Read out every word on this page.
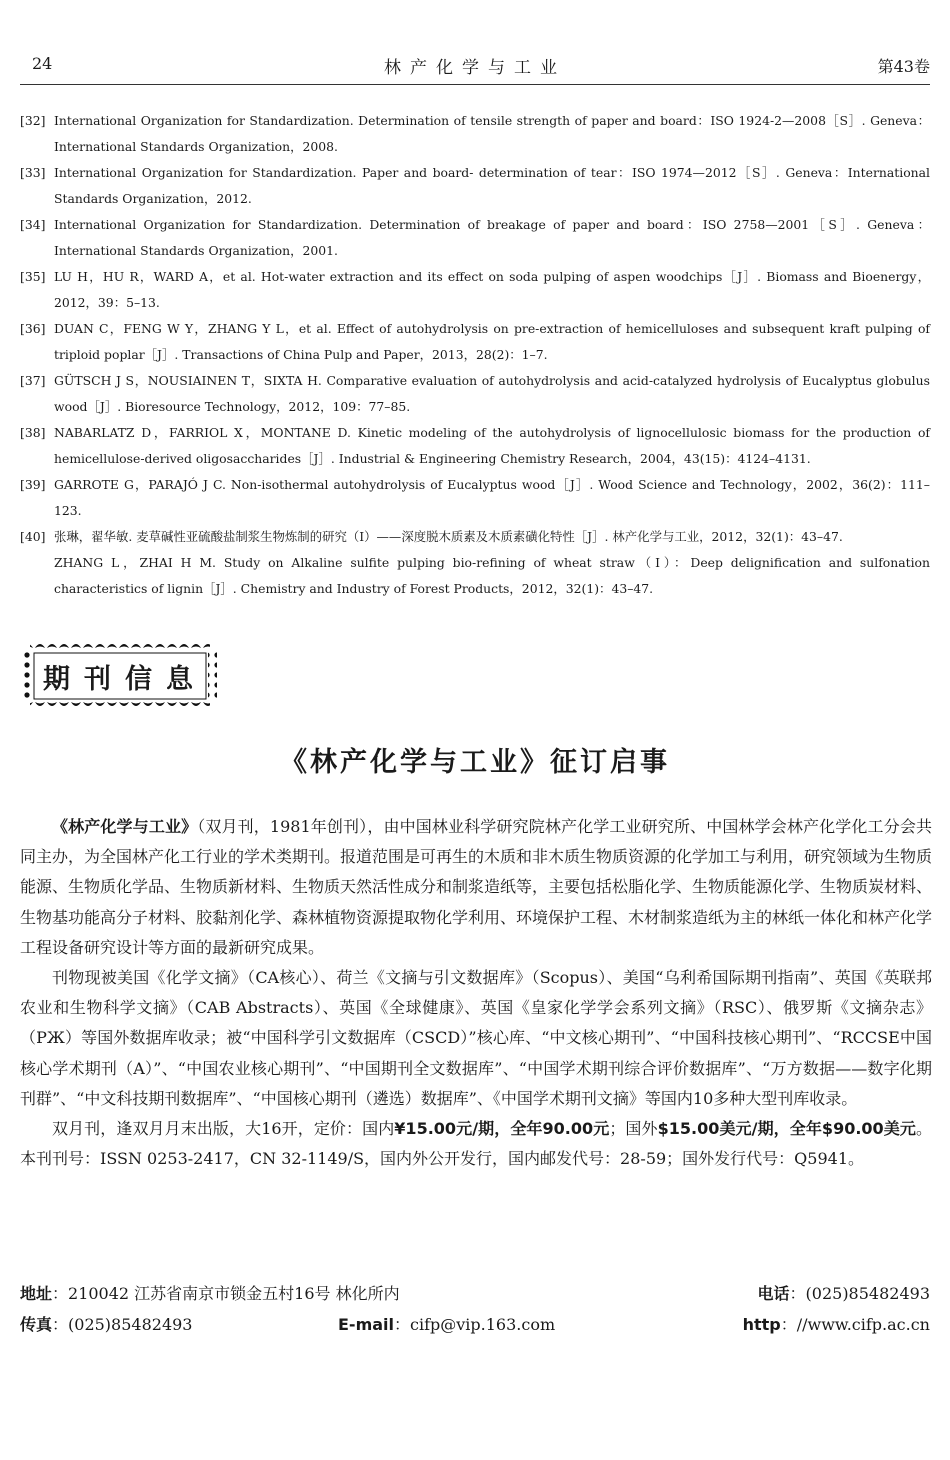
24	林产化学与工业	第43卷
[32] International Organization for Standardization. Determination of tensile strength of paper and board：ISO 1924-2—2008［S］. Geneva：International Standards Organization，2008.
[33] International Organization for Standardization. Paper and board- determination of tear：ISO 1974—2012［S］. Geneva：International Standards Organization，2012.
[34] International Organization for Standardization. Determination of breakage of paper and board：ISO 2758—2001［S］. Geneva：International Standards Organization，2001.
[35] LU H，HU R，WARD A，et al. Hot-water extraction and its effect on soda pulping of aspen woodchips［J］. Biomass and Bioenergy，2012，39：5–13.
[36] DUAN C，FENG W Y，ZHANG Y L，et al. Effect of autohydrolysis on pre-extraction of hemicelluloses and subsequent kraft pulping of triploid poplar［J］. Transactions of China Pulp and Paper，2013，28(2)：1–7.
[37] GÜTSCH J S，NOUSIAINEN T，SIXTA H. Comparative evaluation of autohydrolysis and acid-catalyzed hydrolysis of Eucalyptus globulus wood［J］. Bioresource Technology，2012，109：77–85.
[38] NABARLATZ D，FARRIOL X，MONTANE D. Kinetic modeling of the autohydrolysis of lignocellulosic biomass for the production of hemicellulose-derived oligosaccharides［J］. Industrial & Engineering Chemistry Research，2004，43(15)：4124–4131.
[39] GARROTE G，PARAJÓ J C. Non-isothermal autohydrolysis of Eucalyptus wood［J］. Wood Science and Technology，2002，36(2)：111–123.
[40] 张琳，翟华敏. 麦草碱性亚硫酸盐制浆生物炼制的研究（Ⅰ）——深度脱木质素及木质素磺化特性［J］. 林产化学与工业，2012，32(1)：43–47.
ZHANG L，ZHAI H M. Study on Alkaline sulfite pulping bio-refining of wheat straw（Ⅰ）：Deep delignification and sulfonation characteristics of lignin［J］. Chemistry and Industry of Forest Products，2012，32(1)：43–47.
期刊信息
《林产化学与工业》征订启事

《林产化学与工业》（双月刊，1981年创刊），由中国林业科学研究院林产化学工业研究所、中国林学会林产化学化工分会共同主办，为全国林产化工行业的学术类期刊。报道范围是可再生的木质和非木质生物质资源的化学加工与利用，研究领域为生物质能源、生物质化学品、生物质新材料、生物质天然活性成分和制浆造纸等，主要包括松脂化学、生物质能源化学、生物质炭材料、生物基功能高分子材料、胶黏剂化学、森林植物资源提取物化学利用、环境保护工程、木材制浆造纸为主的林纸一体化和林产化学工程设备研究设计等方面的最新研究成果。

刊物现被美国《化学文摘》（CA核心）、荷兰《文摘与引文数据库》（Scopus）、美国“乌利希国际期刊指南”、英国《英联邦农业和生物科学文摘》（CAB Abstracts）、英国《全球健康》、英国《皇家化学学会系列文摘》（RSC）、俄罗斯《文摘杂志》（РЖ）等国外数据库收录；被“中国科学引文数据库（CSCD）”核心库、“中文核心期刊”、“中国科技核心期刊”、“RCCSE中国核心学术期刊（A）”、“中国农业核心期刊”、“中国期刊全文数据库”、“中国学术期刊综合评价数据库”、“万方数据——数字化期刊群”、“中文科技期刊数据库”、“中国核心期刊（遴选）数据库”、《中国学术期刊文摘》等国内10多种大型刊库收录。

双月刊，逢双月月末出版，大16开，定价：国内¥15.00元/期，全年90.00元；国外$15.00美元/期，全年$90.00美元。本刊刊号：ISSN 0253-2417，CN 32-1149/S，国内外公开发行，国内邮发代号：28-59；国外发行代号：Q5941。

地址：210042 江苏省南京市锁金五村16号 林化所内	电话：(025)85482493
传真：(025)85482493	E-mail：cifp@vip.163.com	http：//www.cifp.ac.cn
